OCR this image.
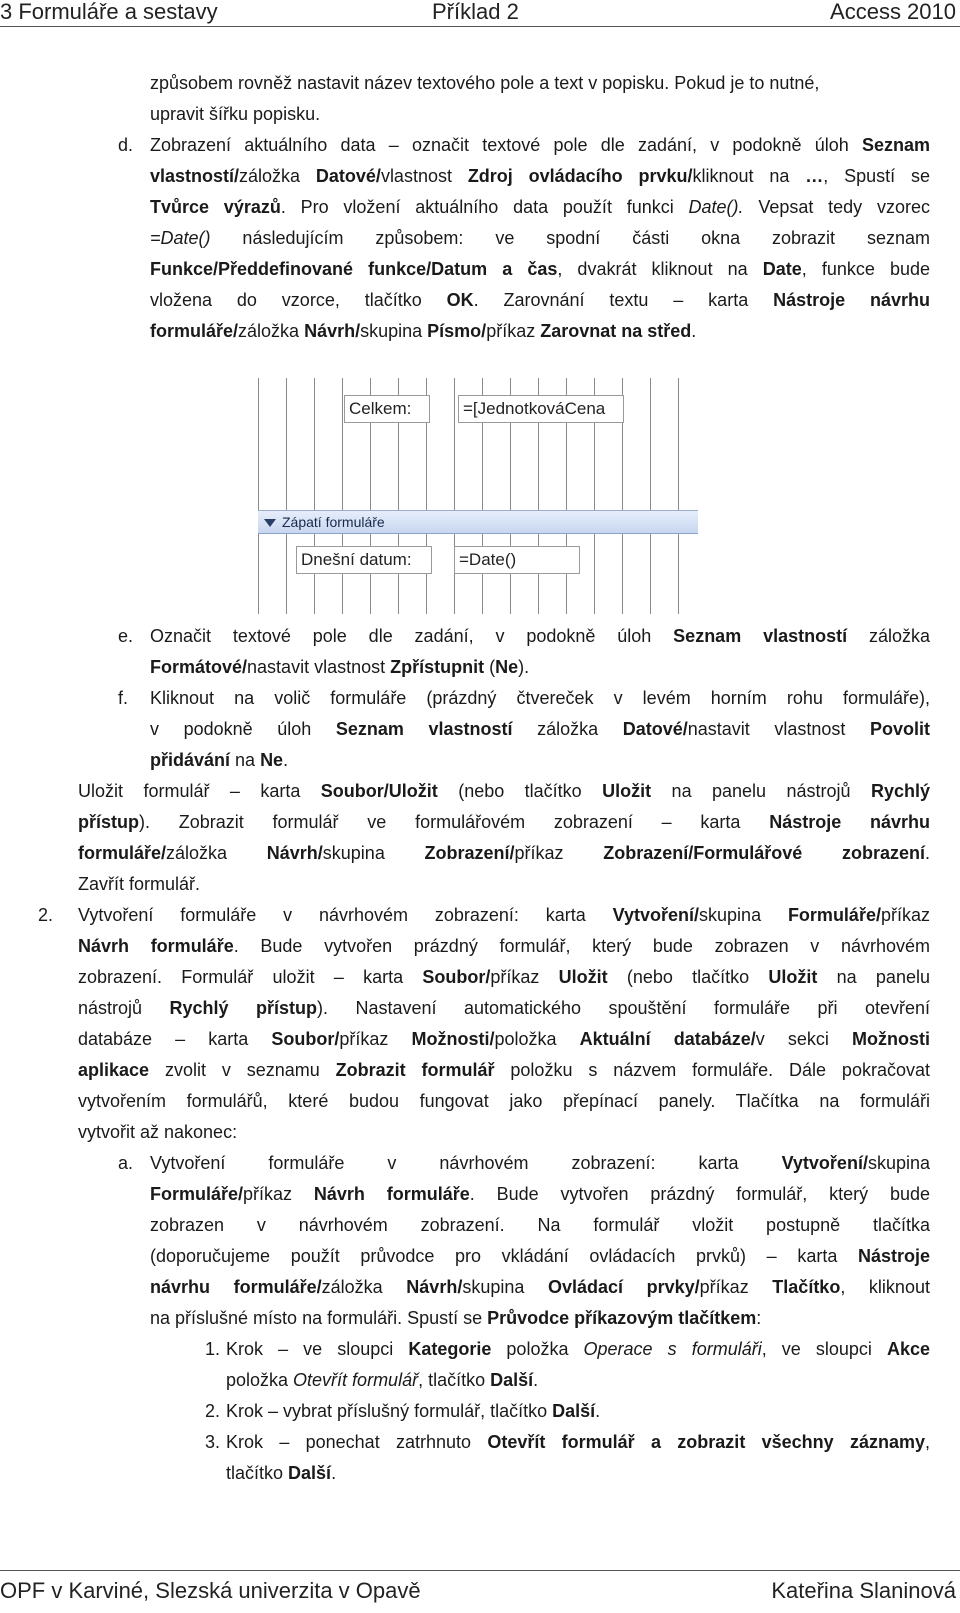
3 Formuláře a sestavy	Příklad 2	Access 2010
způsobem rovněž nastavit název textového pole a text v popisku. Pokud je to nutné,
upravit šířku popisku.
d. Zobrazení aktuálního data – označit textové pole dle zadání, v podokně úloh Seznam
vlastností/záložka Datové/vlastnost Zdroj ovládacího prvku/kliknout na …, Spustí se
Tvůrce výrazů. Pro vložení aktuálního data použít funkci Date(). Vepsat tedy vzorec
=Date() následujícím způsobem: ve spodní části okna zobrazit seznam
Funkce/Předdefinované funkce/Datum a čas, dvakrát kliknout na Date, funkce bude
vložena do vzorce, tlačítko OK. Zarovnání textu – karta Nástroje návrhu
formuláře/záložka Návrh/skupina Písmo/příkaz Zarovnat na střed.
Celkem:	=[JednotkováCena
Zápatí formuláře
Dnešní datum:	=Date()
e. Označit textové pole dle zadání, v podokně úloh Seznam vlastností záložka
Formátové/nastavit vlastnost Zpřístupnit (Ne).
f. Kliknout na volič formuláře (prázdný čtvereček v levém horním rohu formuláře),
v podokně úloh Seznam vlastností záložka Datové/nastavit vlastnost Povolit
přidávání na Ne.
Uložit formulář – karta Soubor/Uložit (nebo tlačítko Uložit na panelu nástrojů Rychlý
přístup). Zobrazit formulář ve formulářovém zobrazení – karta Nástroje návrhu
formuláře/záložka Návrh/skupina Zobrazení/příkaz Zobrazení/Formulářové zobrazení.
Zavřít formulář.
2. Vytvoření formuláře v návrhovém zobrazení: karta Vytvoření/skupina Formuláře/příkaz
Návrh formuláře. Bude vytvořen prázdný formulář, který bude zobrazen v návrhovém
zobrazení. Formulář uložit – karta Soubor/příkaz Uložit (nebo tlačítko Uložit na panelu
nástrojů Rychlý přístup). Nastavení automatického spouštění formuláře při otevření
databáze – karta Soubor/příkaz Možnosti/položka Aktuální databáze/v sekci Možnosti
aplikace zvolit v seznamu Zobrazit formulář položku s názvem formuláře. Dále pokračovat
vytvořením formulářů, které budou fungovat jako přepínací panely. Tlačítka na formuláři
vytvořit až nakonec:
a. Vytvoření formuláře v návrhovém zobrazení: karta Vytvoření/skupina
Formuláře/příkaz Návrh formuláře. Bude vytvořen prázdný formulář, který bude
zobrazen v návrhovém zobrazení. Na formulář vložit postupně tlačítka
(doporučujeme použít průvodce pro vkládání ovládacích prvků) – karta Nástroje
návrhu formuláře/záložka Návrh/skupina Ovládací prvky/příkaz Tlačítko, kliknout
na příslušné místo na formuláři. Spustí se Průvodce příkazovým tlačítkem:
1. Krok – ve sloupci Kategorie položka Operace s formuláři, ve sloupci Akce
položka Otevřít formulář, tlačítko Další.
2. Krok – vybrat příslušný formulář, tlačítko Další.
3. Krok – ponechat zatrhnuto Otevřít formulář a zobrazit všechny záznamy,
tlačítko Další.
OPF v Karviné, Slezská univerzita v Opavě	Kateřina Slaninová
